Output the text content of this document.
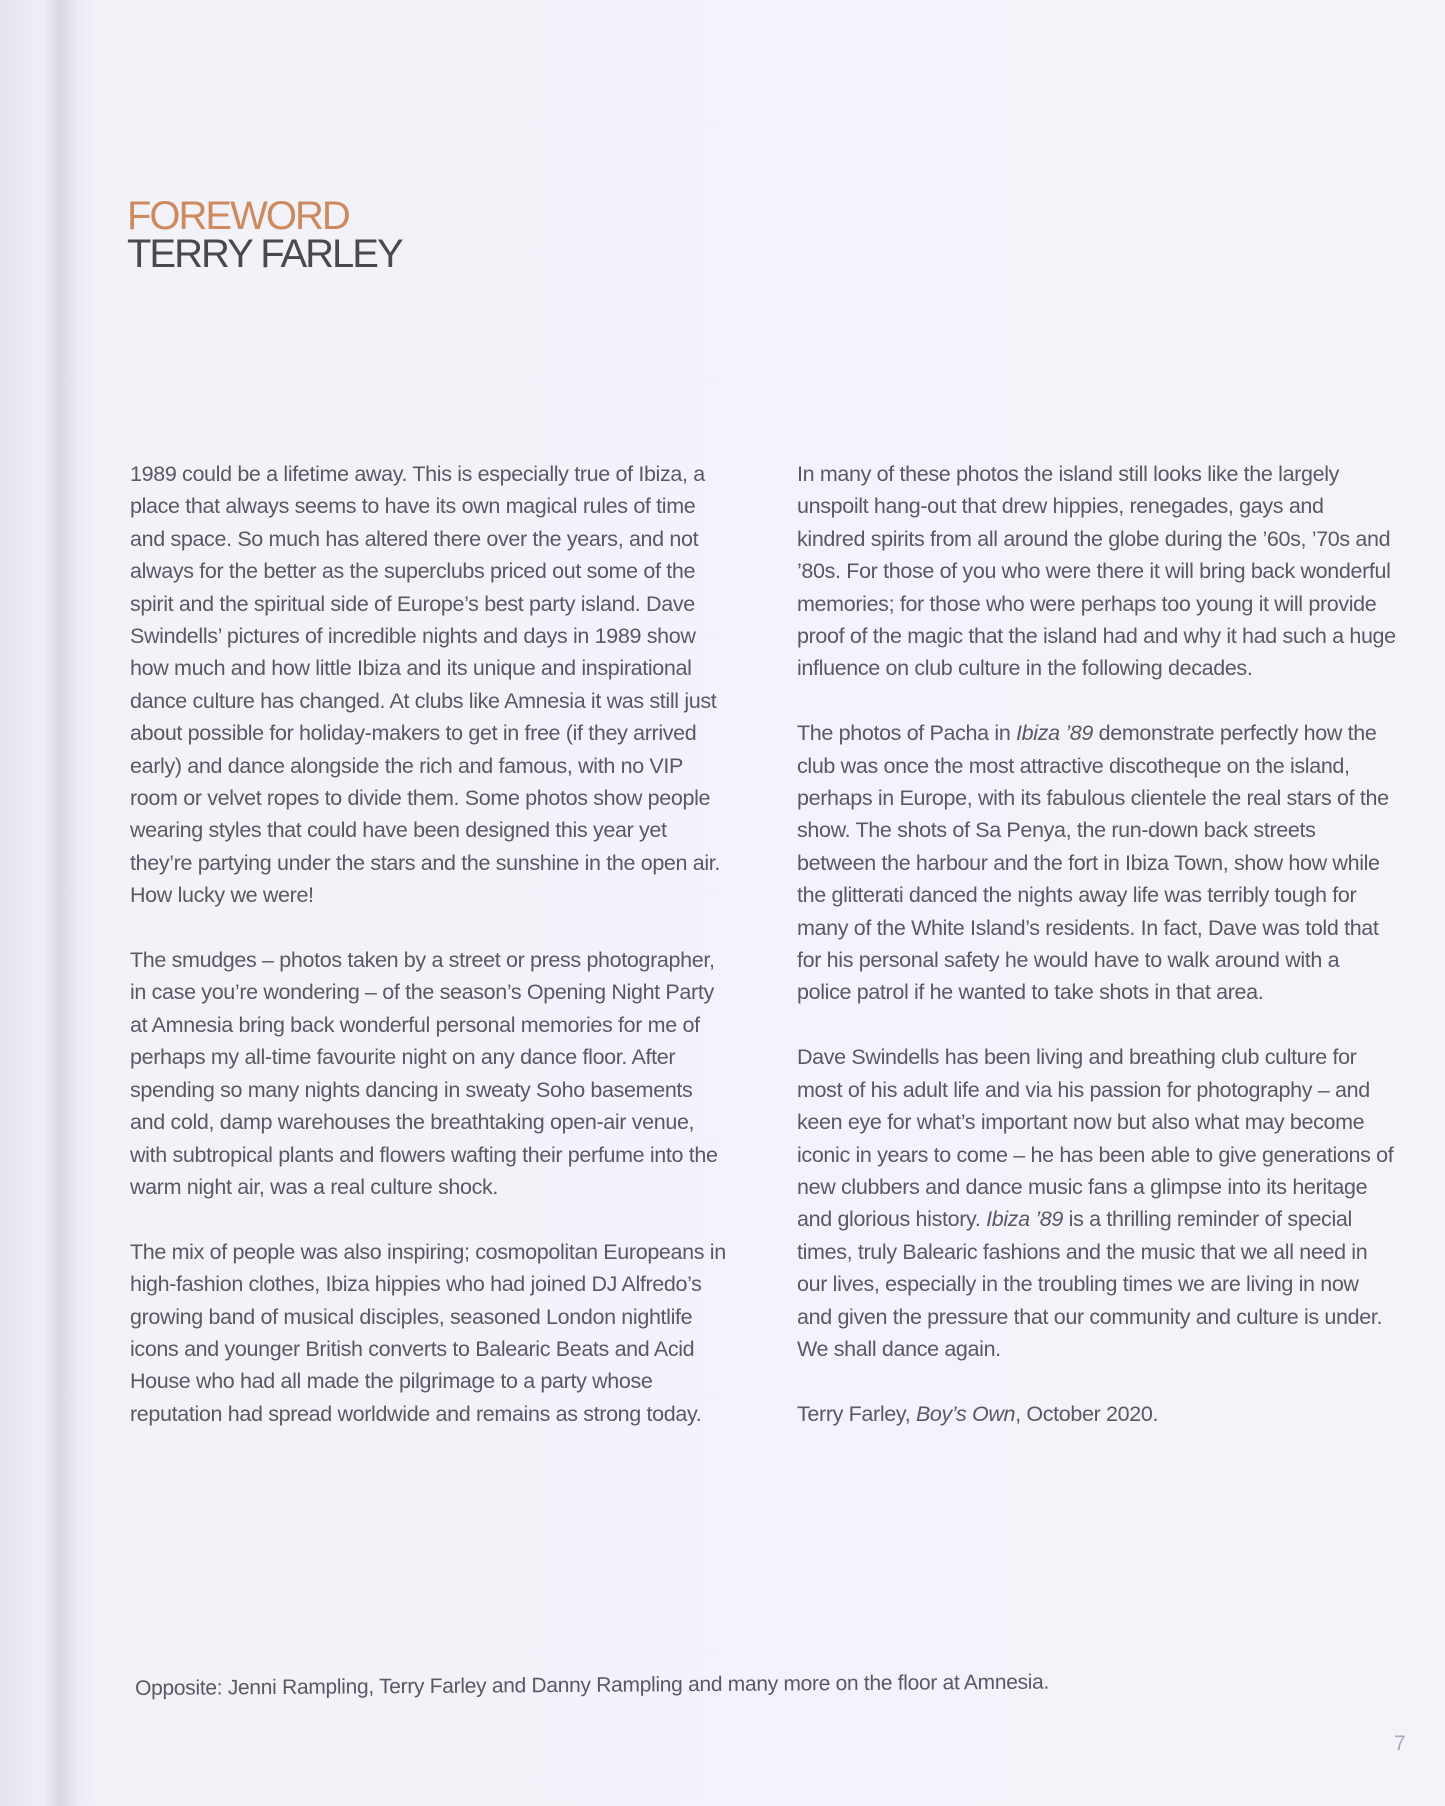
FOREWORD
TERRY FARLEY

1989 could be a lifetime away. This is especially true of Ibiza, a place that always seems to have its own magical rules of time and space. So much has altered there over the years, and not always for the better as the superclubs priced out some of the spirit and the spiritual side of Europe’s best party island. Dave Swindells’ pictures of incredible nights and days in 1989 show how much and how little Ibiza and its unique and inspirational dance culture has changed. At clubs like Amnesia it was still just about possible for holiday-makers to get in free (if they arrived early) and dance alongside the rich and famous, with no VIP room or velvet ropes to divide them. Some photos show people wearing styles that could have been designed this year yet they’re partying under the stars and the sunshine in the open air. How lucky we were!

The smudges – photos taken by a street or press photographer, in case you’re wondering – of the season’s Opening Night Party at Amnesia bring back wonderful personal memories for me of perhaps my all-time favourite night on any dance floor. After spending so many nights dancing in sweaty Soho basements and cold, damp warehouses the breathtaking open-air venue, with subtropical plants and flowers wafting their perfume into the warm night air, was a real culture shock.

The mix of people was also inspiring; cosmopolitan Europeans in high-fashion clothes, Ibiza hippies who had joined DJ Alfredo’s growing band of musical disciples, seasoned London nightlife icons and younger British converts to Balearic Beats and Acid House who had all made the pilgrimage to a party whose reputation had spread worldwide and remains as strong today.

In many of these photos the island still looks like the largely unspoilt hang-out that drew hippies, renegades, gays and kindred spirits from all around the globe during the ’60s, ’70s and ’80s. For those of you who were there it will bring back wonderful memories; for those who were perhaps too young it will provide proof of the magic that the island had and why it had such a huge influence on club culture in the following decades.

The photos of Pacha in Ibiza ’89 demonstrate perfectly how the club was once the most attractive discotheque on the island, perhaps in Europe, with its fabulous clientele the real stars of the show. The shots of Sa Penya, the run-down back streets between the harbour and the fort in Ibiza Town, show how while the glitterati danced the nights away life was terribly tough for many of the White Island’s residents. In fact, Dave was told that for his personal safety he would have to walk around with a police patrol if he wanted to take shots in that area.

Dave Swindells has been living and breathing club culture for most of his adult life and via his passion for photography – and keen eye for what’s important now but also what may become iconic in years to come – he has been able to give generations of new clubbers and dance music fans a glimpse into its heritage and glorious history. Ibiza ’89 is a thrilling reminder of special times, truly Balearic fashions and the music that we all need in our lives, especially in the troubling times we are living in now and given the pressure that our community and culture is under. We shall dance again.

Terry Farley, Boy’s Own, October 2020.

Opposite: Jenni Rampling, Terry Farley and Danny Rampling and many more on the floor at Amnesia.
7
